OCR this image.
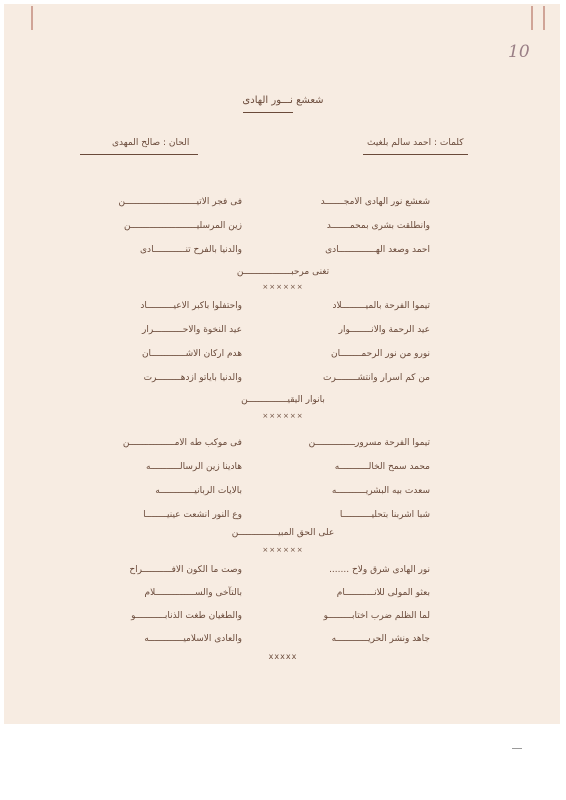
10
شعشع نـــور الهادى
كلمات : احمد سالم بلغيث
الحان : صالح المهدى
شعشع نور الهادى الامجـــــــد
فى فجر الاتيـــــــــــــــــــــــــــن
وانطلقت بشرى بمحمـــــــد
زين المرسليـــــــــــــــــــــــــن
احمد وصعد الهــــــــــــــادى
والدنيا بالفرح تنــــــــــــادى
تغنى مرحبــــــــــــــــــن
××××××
تيموا الفرحة بالميـــــــــلاد
واحتفلوا باكبر الاعيــــــــــاد
عيد الرحمة والانــــــــوار
عيد النخوة والاحـــــــــــرار
نورو من نور الرحمــــــــان
هدم اركان الاشـــــــــــــان
من كم اسرار وانتشــــــــرت
والدنيا باياتو ازدهـــــــــرت
بانوار اليقيـــــــــــــــن
××××××
تيموا الفرحة مسرورـــــــــــــــن
فى موكب طه الامـــــــــــــــــن
محمد سمح الخالـــــــــــه
هادينا زين الرسالـــــــــــه
سعدت بيه البشريـــــــــــه
بالايات الربانيـــــــــــــه
شبا اشربنا بتحليـــــــــــا
وع النور انشعت عينيــــــــا
على الحق المبيـــــــــــــــن
××××××
نور الهادى شرق ولاح .......
وصت ما الكون الافـــــــــــراح
بعثو المولى للانـــــــــــام
بالتآخى والســـــــــــــــلام
لما الظلم ضرب اختابـــــــــو
والطغيان طغت الذنابـــــــــــو
جاهد ونشر الحريــــــــــــه
والعادى الاسلاميـــــــــــــه
xxxxx
